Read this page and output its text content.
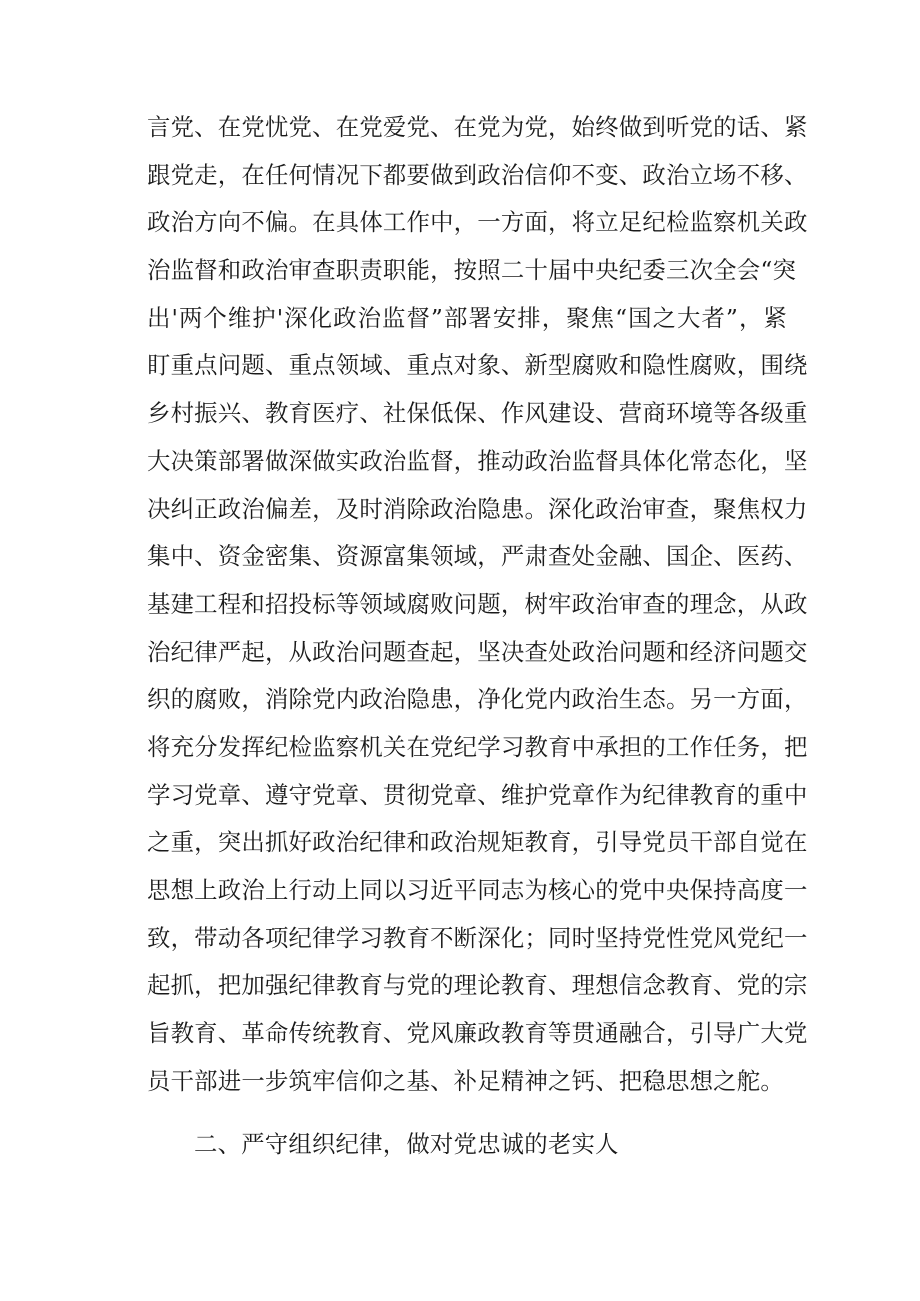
言党、在党忧党、在党爱党、在党为党，始终做到听党的话、紧
跟党走，在任何情况下都要做到政治信仰不变、政治立场不移、
政治方向不偏。在具体工作中，一方面，将立足纪检监察机关政
治监督和政治审查职责职能，按照二十届中央纪委三次全会“突
出'两个维护'深化政治监督”部署安排，聚焦“国之大者”，紧
盯重点问题、重点领域、重点对象、新型腐败和隐性腐败，围绕
乡村振兴、教育医疗、社保低保、作风建设、营商环境等各级重
大决策部署做深做实政治监督，推动政治监督具体化常态化，坚
决纠正政治偏差，及时消除政治隐患。深化政治审查，聚焦权力
集中、资金密集、资源富集领域，严肃查处金融、国企、医药、
基建工程和招投标等领域腐败问题，树牢政治审查的理念，从政
治纪律严起，从政治问题查起，坚决查处政治问题和经济问题交
织的腐败，消除党内政治隐患，净化党内政治生态。另一方面，
将充分发挥纪检监察机关在党纪学习教育中承担的工作任务，把
学习党章、遵守党章、贯彻党章、维护党章作为纪律教育的重中
之重，突出抓好政治纪律和政治规矩教育，引导党员干部自觉在
思想上政治上行动上同以习近平同志为核心的党中央保持高度一
致，带动各项纪律学习教育不断深化；同时坚持党性党风党纪一
起抓，把加强纪律教育与党的理论教育、理想信念教育、党的宗
旨教育、革命传统教育、党风廉政教育等贯通融合，引导广大党
员干部进一步筑牢信仰之基、补足精神之钙、把稳思想之舵。
二、严守组织纪律，做对党忠诚的老实人
